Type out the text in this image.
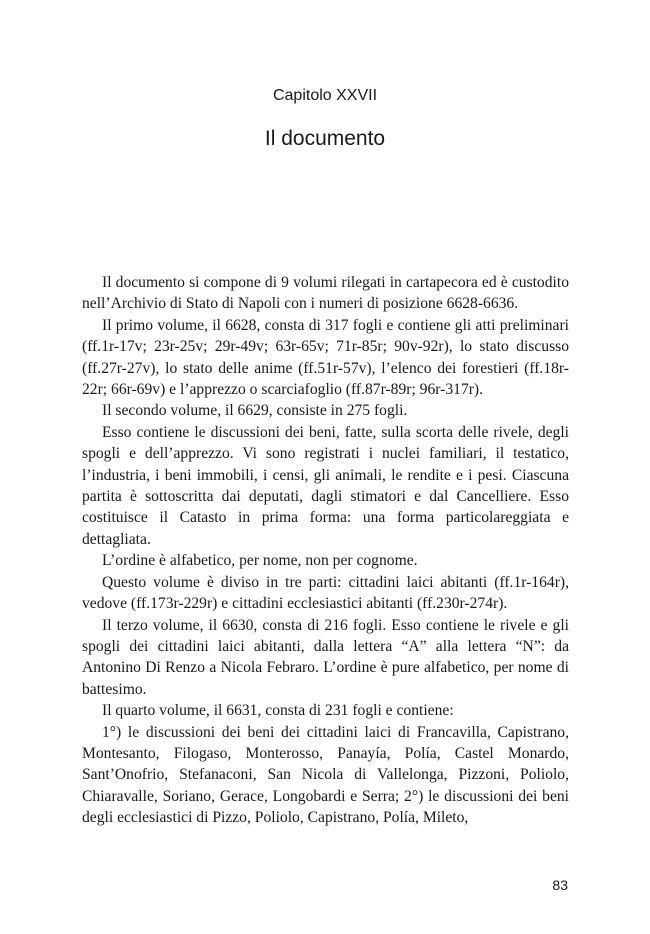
Capitolo XXVII
Il documento

Il documento si compone di 9 volumi rilegati in cartapecora ed è custodito nell’Archivio di Stato di Napoli con i numeri di posizione 6628-6636.

Il primo volume, il 6628, consta di 317 fogli e contiene gli atti preliminari (ff.1r-17v; 23r-25v; 29r-49v; 63r-65v; 71r-85r; 90v-92r), lo stato discusso (ff.27r-27v), lo stato delle anime (ff.51r-57v), l’elenco dei forestieri (ff.18r-22r; 66r-69v) e l’apprezzo o scarciafoglio (ff.87r-89r; 96r-317r).

Il secondo volume, il 6629, consiste in 275 fogli.

Esso contiene le discussioni dei beni, fatte, sulla scorta delle rivele, degli spogli e dell’apprezzo. Vi sono registrati i nuclei familiari, il testatico, l’industria, i beni immobili, i censi, gli animali, le rendite e i pesi. Ciascuna partita è sottoscritta dai deputati, dagli stimatori e dal Cancelliere. Esso costituisce il Catasto in prima forma: una forma particolareggiata e dettagliata.

L’ordine è alfabetico, per nome, non per cognome.

Questo volume è diviso in tre parti: cittadini laici abitanti (ff.1r-164r), vedove (ff.173r-229r) e cittadini ecclesiastici abitanti (ff.230r-274r).

Il terzo volume, il 6630, consta di 216 fogli. Esso contiene le rivele e gli spogli dei cittadini laici abitanti, dalla lettera “A” alla lettera “N”: da Antonino Di Renzo a Nicola Febraro. L’ordine è pure alfabetico, per nome di battesimo.

Il quarto volume, il 6631, consta di 231 fogli e contiene:

1°) le discussioni dei beni dei cittadini laici di Francavilla, Capistrano, Montesanto, Filogaso, Monterosso, Panayía, Políа, Castel Monardo, Sant’Onofrio, Stefanaconi, San Nicola di Vallelonga, Pizzoni, Poliolo, Chiaravalle, Soriano, Gerace, Longobardi e Serra; 2°) le discussioni dei beni degli ecclesiastici di Pizzo, Poliolo, Capistrano, Políа, Mileto,

83
